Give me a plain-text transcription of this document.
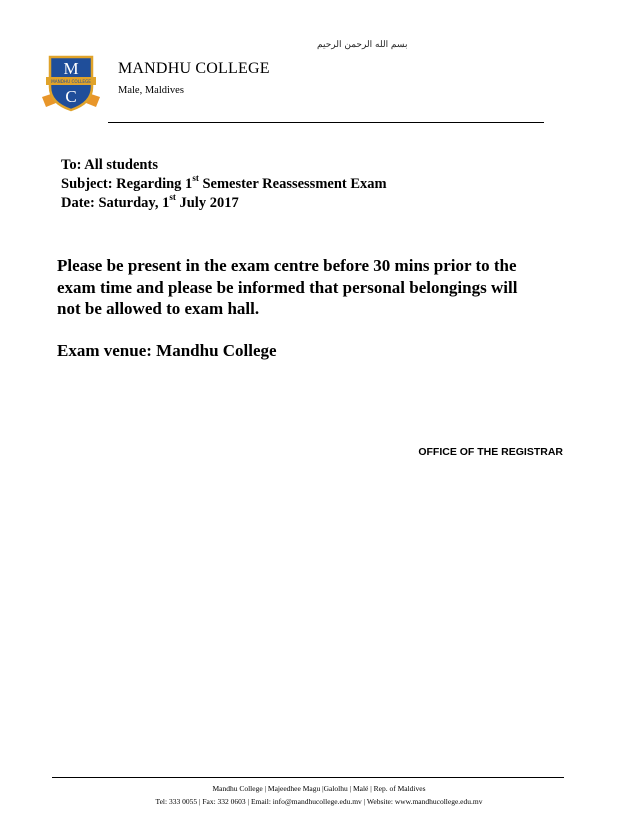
بسم الله الرحمن الرحيم
MANDHU COLLEGE
M
C
MANDHU COLLEGE
Male, Maldives
To: All students
Subject: Regarding 1st Semester Reassessment Exam
Date: Saturday, 1st July 2017
Please be present in the exam centre before 30 mins prior to the
exam time and please be informed that personal belongings will
not be allowed to exam hall.
Exam venue: Mandhu College
OFFICE OF THE REGISTRAR
Mandhu College | Majeedhee Magu |Galolhu | Malé | Rep. of Maldives
Tel: 333 0055 | Fax: 332 0603 | Email: info@mandhucollege.edu.mv | Website: www.mandhucollege.edu.mv
